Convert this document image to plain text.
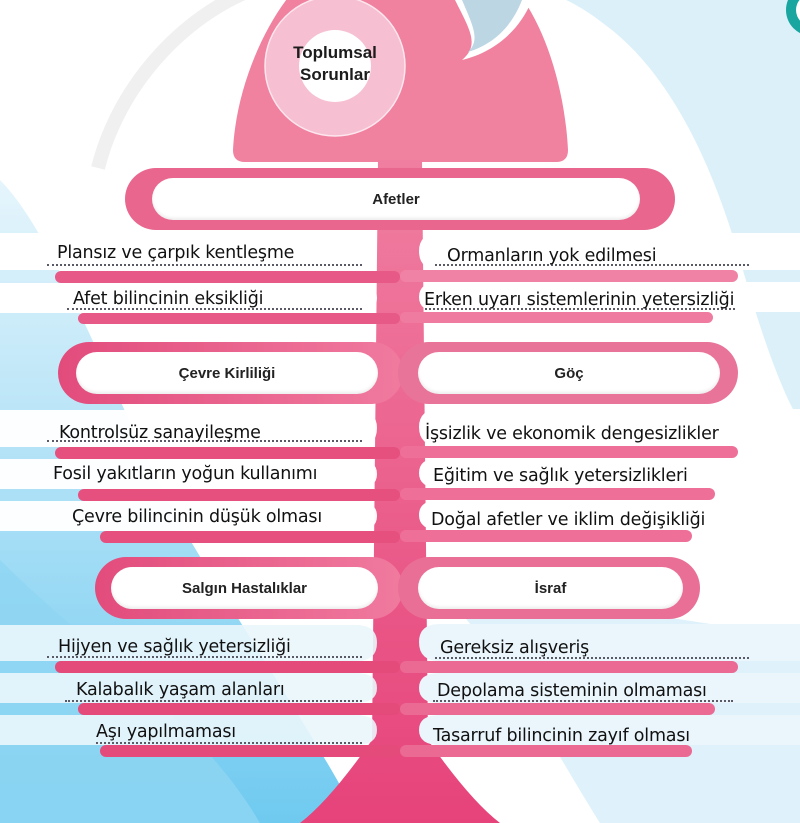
Toplumsal
Sorunlar
Afetler
Çevre Kirliliği	Göç
Salgın Hastalıklar	İsraf
Plansız ve çarpık kentleşme
Afet bilincinin eksikliği
Ormanların yok edilmesi
Erken uyarı sistemlerinin yetersizliği
Kontrolsüz sanayileşme
Fosil yakıtların yoğun kullanımı
Çevre bilincinin düşük olması
İşsizlik ve ekonomik dengesizlikler
Eğitim ve sağlık yetersizlikleri
Doğal afetler ve iklim değişikliği
Hijyen ve sağlık yetersizliği
Kalabalık yaşam alanları
Aşı yapılmaması
Gereksiz alışveriş
Depolama sisteminin olmaması
Tasarruf bilincinin zayıf olması
